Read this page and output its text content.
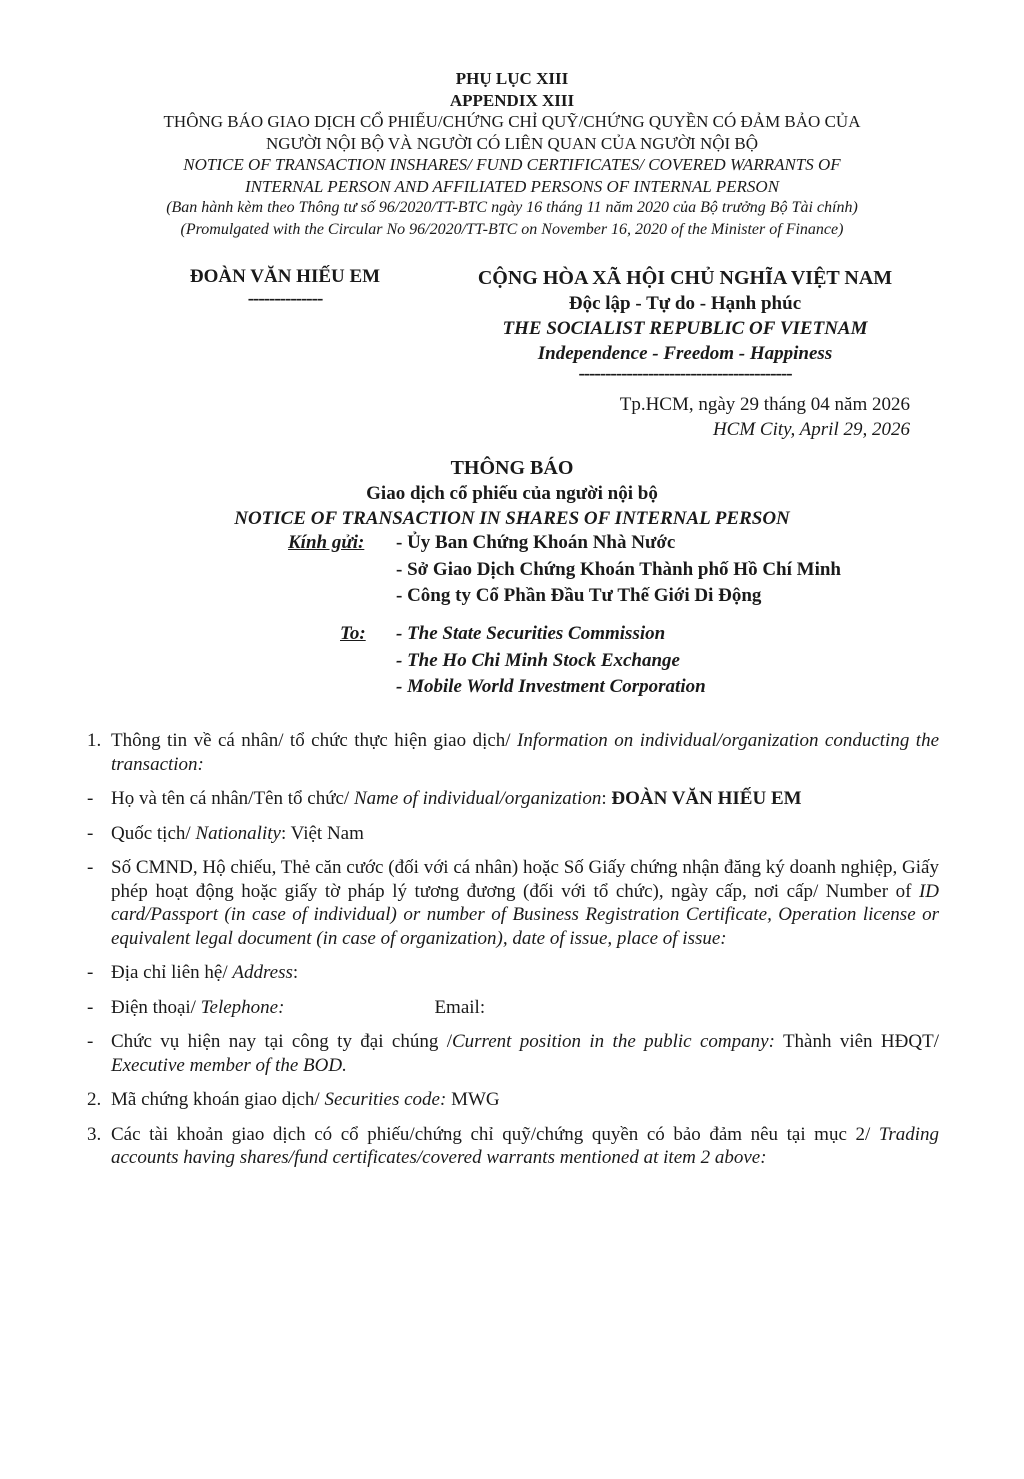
PHỤ LỤC XIII
APPENDIX XIII
THÔNG BÁO GIAO DỊCH CỔ PHIẾU/CHỨNG CHỈ QUỸ/CHỨNG QUYỀN CÓ ĐẢM BẢO CỦA
NGƯỜI NỘI BỘ VÀ NGƯỜI CÓ LIÊN QUAN CỦA NGƯỜI NỘI BỘ
NOTICE OF TRANSACTION INSHARES/ FUND CERTIFICATES/ COVERED WARRANTS OF
INTERNAL PERSON AND AFFILIATED PERSONS OF INTERNAL PERSON
(Ban hành kèm theo Thông tư số 96/2020/TT-BTC ngày 16 tháng 11 năm 2020 của Bộ trưởng Bộ Tài chính)
(Promulgated with the Circular No 96/2020/TT-BTC on November 16, 2020 of the Minister of Finance)
ĐOÀN VĂN HIẾU EM
--------------
CỘNG HÒA XÃ HỘI CHỦ NGHĨA VIỆT NAM
Độc lập - Tự do - Hạnh phúc
THE SOCIALIST REPUBLIC OF VIETNAM
Independence - Freedom - Happiness
----------------------------------------
Tp.HCM, ngày 29 tháng 04 năm 2026
HCM City, April 29, 2026
THÔNG BÁO
Giao dịch cổ phiếu của người nội bộ
NOTICE OF TRANSACTION IN SHARES OF INTERNAL PERSON
Kính gửi: - Ủy Ban Chứng Khoán Nhà Nước
- Sở Giao Dịch Chứng Khoán Thành phố Hồ Chí Minh
- Công ty Cổ Phần Đầu Tư Thế Giới Di Động
To: - The State Securities Commission
- The Ho Chi Minh Stock Exchange
- Mobile World Investment Corporation
1. Thông tin về cá nhân/ tổ chức thực hiện giao dịch/ Information on individual/organization conducting the transaction:
- Họ và tên cá nhân/Tên tổ chức/ Name of individual/organization: ĐOÀN VĂN HIẾU EM
- Quốc tịch/ Nationality: Việt Nam
- Số CMND, Hộ chiếu, Thẻ căn cước (đối với cá nhân) hoặc Số Giấy chứng nhận đăng ký doanh nghiệp, Giấy phép hoạt động hoặc giấy tờ pháp lý tương đương (đối với tổ chức), ngày cấp, nơi cấp/ Number of ID card/Passport (in case of individual) or number of Business Registration Certificate, Operation license or equivalent legal document (in case of organization), date of issue, place of issue:
- Địa chỉ liên hệ/ Address:
- Điện thoại/ Telephone:	Email:
- Chức vụ hiện nay tại công ty đại chúng /Current position in the public company: Thành viên HĐQT/ Executive member of the BOD.
2. Mã chứng khoán giao dịch/ Securities code: MWG
3. Các tài khoản giao dịch có cổ phiếu/chứng chỉ quỹ/chứng quyền có bảo đảm nêu tại mục 2/ Trading accounts having shares/fund certificates/covered warrants mentioned at item 2 above:
